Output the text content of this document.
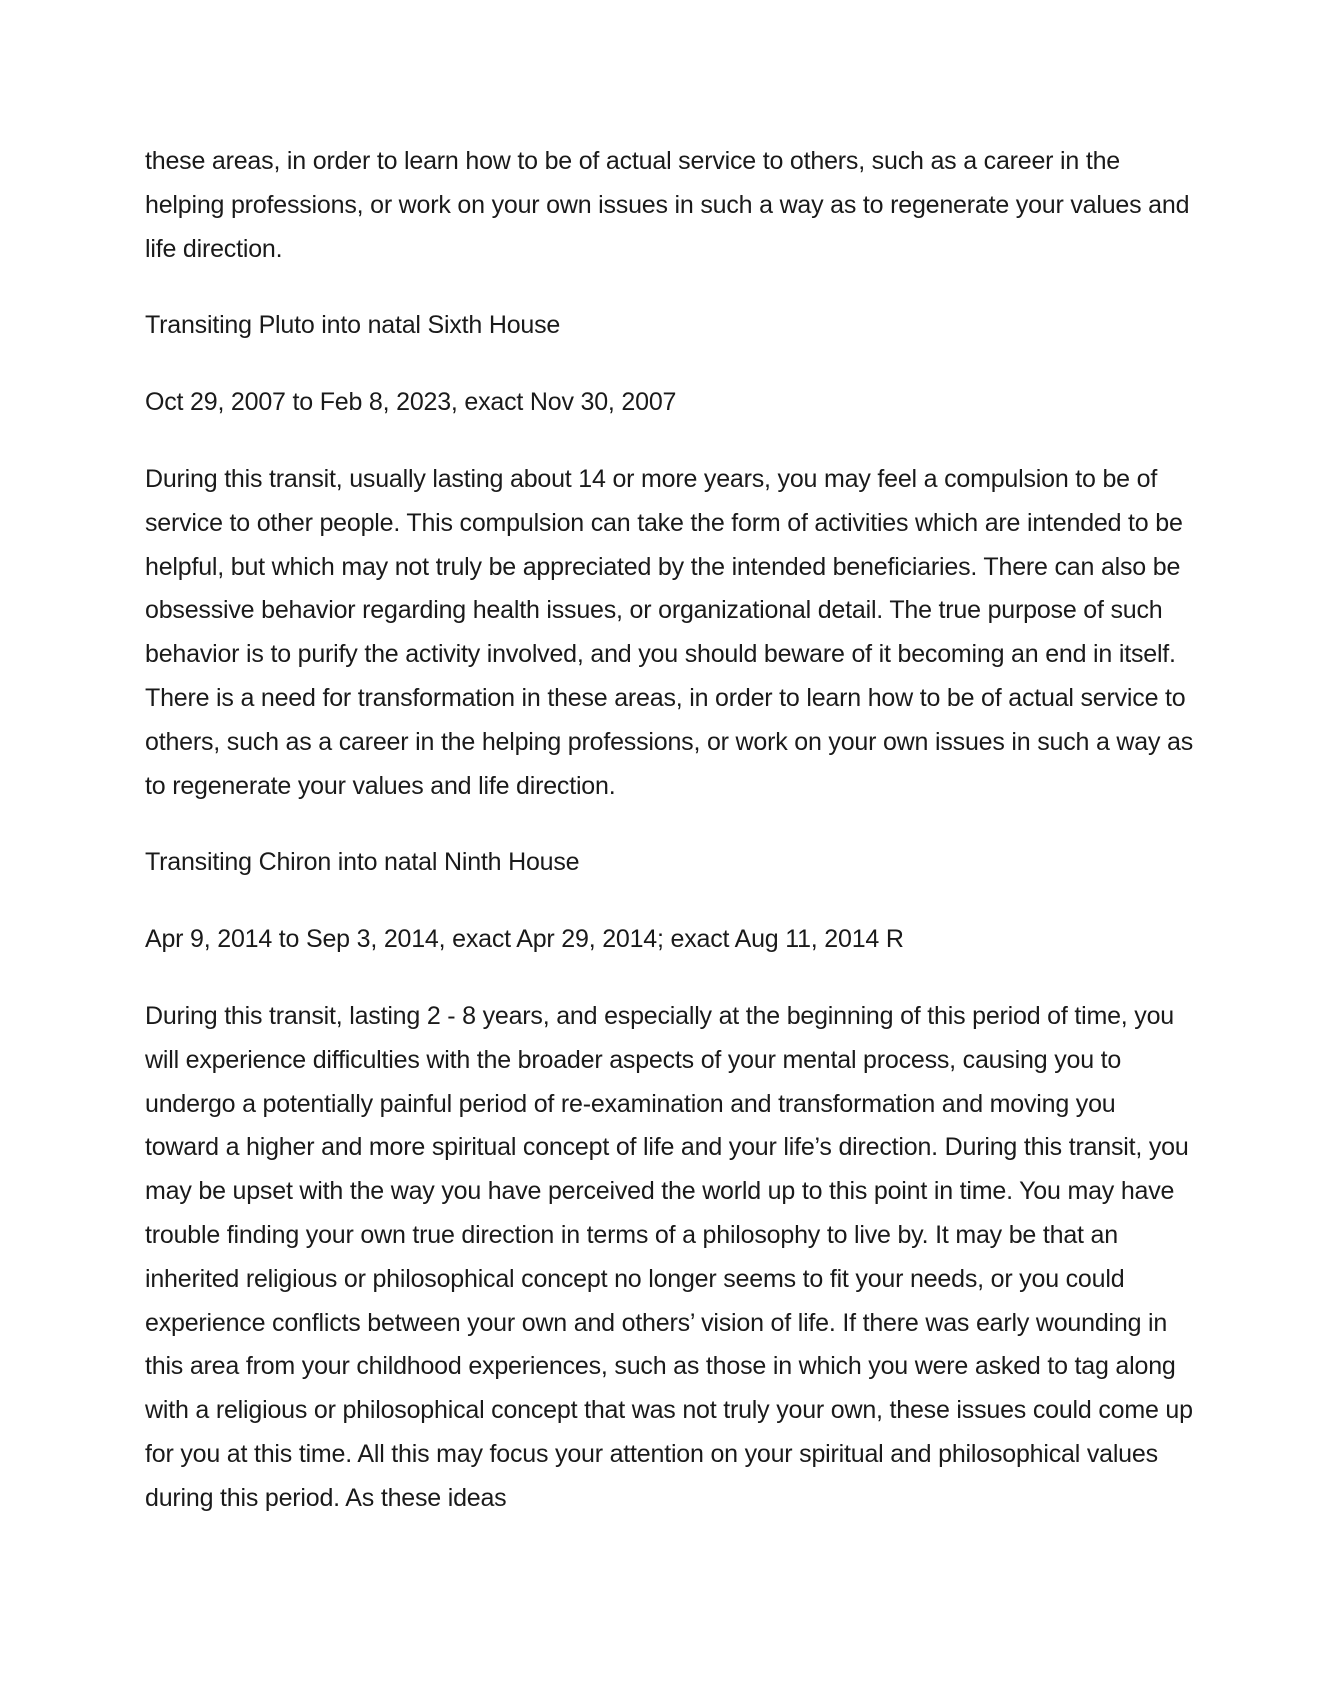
these areas, in order to learn how to be of actual service to others, such as a career in the helping professions, or work on your own issues in such a way as to regenerate your values and life direction.

Transiting Pluto into natal Sixth House

Oct 29, 2007 to Feb 8, 2023, exact Nov 30, 2007

During this transit, usually lasting about 14 or more years, you may feel a compulsion to be of service to other people. This compulsion can take the form of activities which are intended to be helpful, but which may not truly be appreciated by the intended beneficiaries. There can also be obsessive behavior regarding health issues, or organizational detail. The true purpose of such behavior is to purify the activity involved, and you should beware of it becoming an end in itself. There is a need for transformation in these areas, in order to learn how to be of actual service to others, such as a career in the helping professions, or work on your own issues in such a way as to regenerate your values and life direction.

Transiting Chiron into natal Ninth House

Apr 9, 2014 to Sep 3, 2014, exact Apr 29, 2014; exact Aug 11, 2014 R

During this transit, lasting 2 - 8 years, and especially at the beginning of this period of time, you will experience difficulties with the broader aspects of your mental process, causing you to undergo a potentially painful period of re-examination and transformation and moving you toward a higher and more spiritual concept of life and your life’s direction. During this transit, you may be upset with the way you have perceived the world up to this point in time. You may have trouble finding your own true direction in terms of a philosophy to live by. It may be that an inherited religious or philosophical concept no longer seems to fit your needs, or you could experience conflicts between your own and others’ vision of life. If there was early wounding in this area from your childhood experiences, such as those in which you were asked to tag along with a religious or philosophical concept that was not truly your own, these issues could come up for you at this time. All this may focus your attention on your spiritual and philosophical values during this period. As these ideas
